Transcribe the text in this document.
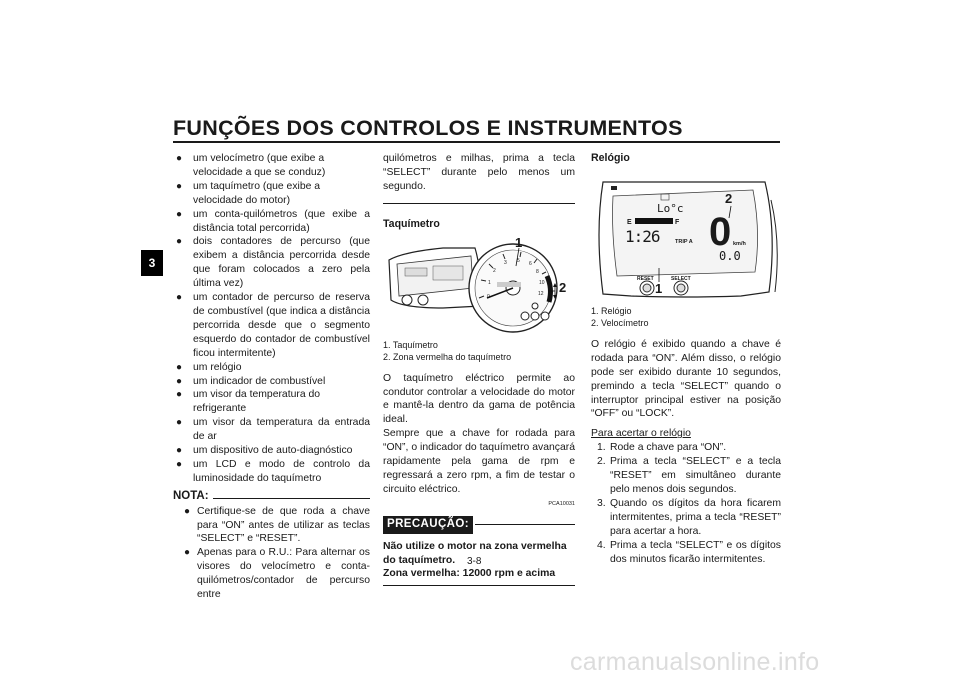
FUNÇÕES DOS CONTROLOS E INSTRUMENTOS
3
●	um velocímetro (que exibe a velocidade a que se conduz)
●	um taquímetro (que exibe a velocidade do motor)
●	um conta-quilómetros (que exibe a distância total percorrida)
●	dois contadores de percurso (que exibem a distância percorrida desde que foram colocados a zero pela última vez)
●	um contador de percurso de reserva de combustível (que indica a distância percorrida desde que o segmento esquerdo do contador de combustível ficou intermitente)
●	um relógio
●	um indicador de combustível
●	um visor da temperatura do refrigerante
●	um visor da temperatura da entrada de ar
●	um dispositivo de auto-diagnóstico
●	um LCD e modo de controlo da luminosidade do taquímetro
NOTA:
● Certifique-se de que roda a chave para “ON” antes de utilizar as teclas “SELECT” e “RESET”.
● Apenas para o R.U.: Para alternar os visores do velocímetro e conta-quilómetros/contador de percurso entre
quilómetros e milhas, prima a tecla “SELECT” durante pelo menos um segundo.
Taquímetro
1
2
3 5 6
8
10
12
1
2
1. Taquímetro
2. Zona vermelha do taquímetro
O taquímetro eléctrico permite ao condutor controlar a velocidade do motor e mantê-la dentro da gama de potência ideal.
Sempre que a chave for rodada para “ON”, o indicador do taquímetro avançará rapidamente pela gama de rpm e regressará a zero rpm, a fim de testar o circuito eléctrico.
PCA10031
PRECAUÇÃO:
Não utilize o motor na zona vermelha do taquímetro.
Zona vermelha: 12000 rpm e acima
Relógio
Lo°c
0 km/h
E	F
1:26	TRIP A
0.0
RESET	SELECT
2
1
1. Relógio
2. Velocímetro
O relógio é exibido quando a chave é rodada para “ON”. Além disso, o relógio pode ser exibido durante 10 segundos, premindo a tecla “SELECT” quando o interruptor principal estiver na posição “OFF” ou “LOCK”.
Para acertar o relógio
1. Rode a chave para “ON”.
2. Prima a tecla “SELECT” e a tecla “RESET” em simultâneo durante pelo menos dois segundos.
3. Quando os dígitos da hora ficarem intermitentes, prima a tecla “RESET” para acertar a hora.
4. Prima a tecla “SELECT” e os dígitos dos minutos ficarão intermitentes.
3-8
carmanualsonline.info
